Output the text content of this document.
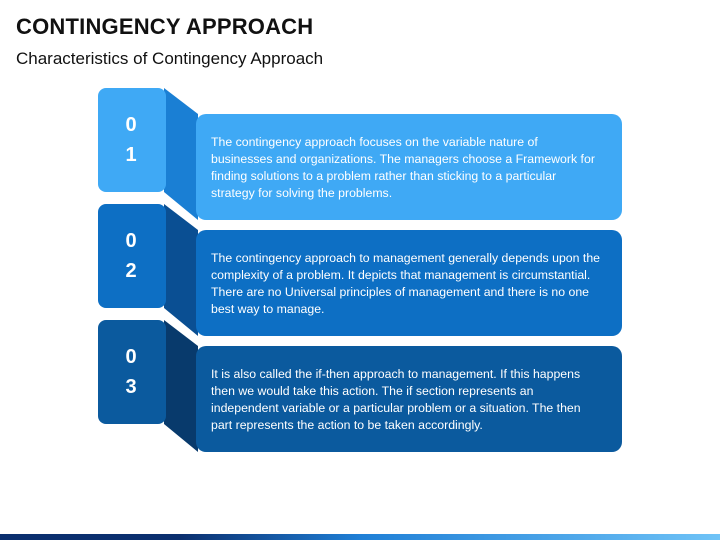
CONTINGENCY APPROACH
Characteristics of Contingency Approach
0
1
0
2
0
3
The contingency approach focuses on the variable nature of businesses and organizations. The managers choose a Framework for finding solutions to a problem rather than sticking to a particular strategy for solving the problems.
The contingency approach to management generally depends upon the complexity of a problem. It depicts that management is circumstantial. There are no Universal principles of management and there is no one best way to manage.
It is also called the if-then approach to management. If this happens then we would take this action. The if section represents an independent variable or a particular problem or a situation. The then part represents the action to be taken accordingly.
